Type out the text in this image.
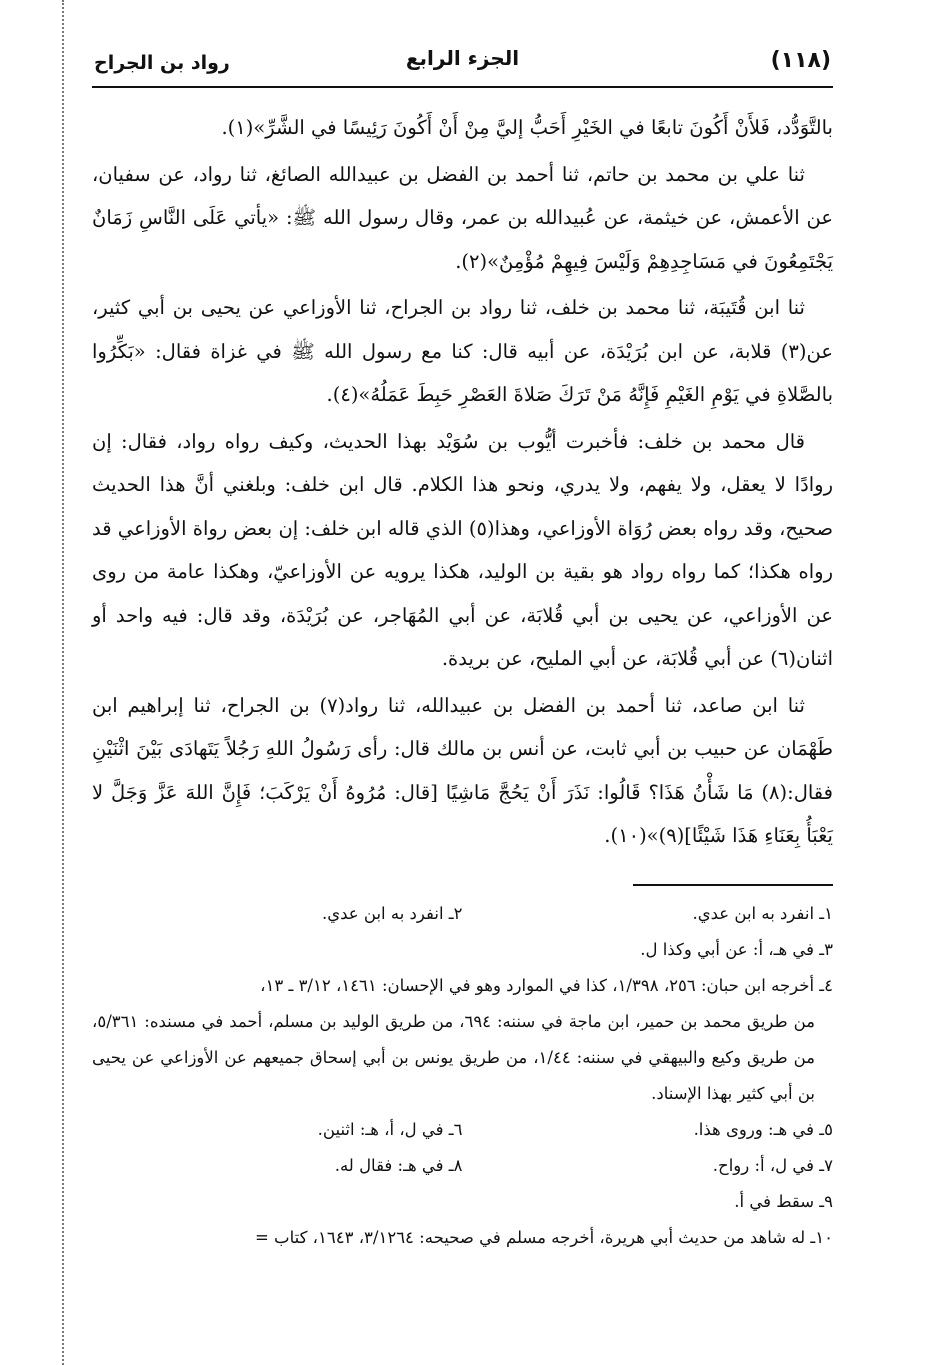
(١١٨)
الجزء الرابع
رواد بن الجراح

بالتَّوَدُّد، فَلأَنْ أَكُونَ تابعًا في الخَيْرِ أَحَبُّ إليَّ مِنْ أَنْ أَكُونَ رَئِيسًا في الشَّرِّ»(١).

ثنا علي بن محمد بن حاتم، ثنا أحمد بن الفضل بن عبيدالله الصائغ، ثنا رواد، عن سفيان، عن الأعمش، عن خيثمة، عن عُبيدالله بن عمر، وقال رسول الله ﷺ: «يأتي عَلَى النَّاسِ زَمَانٌ يَجْتَمِعُونَ في مَسَاجِدِهِمْ وَلَيْسَ فِيهِمْ مُؤْمِنٌ»(٢).

ثنا ابن قُتَيبَة، ثنا محمد بن خلف، ثنا رواد بن الجراح، ثنا الأوزاعي عن يحيى بن أبي كثير، عن(٣) قلابة، عن ابن بُرَيْدَة، عن أبيه قال: كنا مع رسول الله ﷺ في غزاة فقال: «بَكِّرُوا بالصَّلاةِ في يَوْمِ الغَيْمِ فَإِنَّهُ مَنْ تَرَكَ صَلاةَ العَصْرِ حَبِطَ عَمَلُهُ»(٤).

قال محمد بن خلف: فأخبرت أيُّوب بن سُوَيْد بهذا الحديث، وكيف رواه رواد، فقال: إن روادًا لا يعقل، ولا يفهم، ولا يدري، ونحو هذا الكلام. قال ابن خلف: وبلغني أنَّ هذا الحديث صحيح، وقد رواه بعض رُوَاة الأوزاعي، وهذا(٥) الذي قاله ابن خلف: إن بعض رواة الأوزاعي قد رواه هكذا؛ كما رواه رواد هو بقية بن الوليد، هكذا يرويه عن الأوزاعيّ، وهكذا عامة من روى عن الأوزاعي، عن يحيى بن أبي قُلابَة، عن أبي المُهَاجر، عن بُرَيْدَة، وقد قال: فيه واحد أو اثنان(٦) عن أبي قُلابَة، عن أبي المليح، عن بريدة.

ثنا ابن صاعد، ثنا أحمد بن الفضل بن عبيدالله، ثنا رواد(٧) بن الجراح، ثنا إبراهيم ابن طَهْمَان عن حبيب بن أبي ثابت، عن أنس بن مالك قال: رأى رَسُولُ اللهِ رَجُلاً يَتَهادَى بَيْنَ اثْنَيْنِ فقال:(٨) مَا شَأْنُ هَذَا؟ قَالُوا: نَذَرَ أَنْ يَحُجَّ مَاشِيًا [قال: مُرُوهُ أَنْ يَرْكَبَ؛ فَإِنَّ اللهَ عَزَّ وَجَلَّ لا يَعْبَأُ بِعَنَاءِ هَذَا شَيْئًا](٩)»(١٠).

١ـ انفرد به ابن عدي.
٢ـ انفرد به ابن عدي.
٣ـ في هـ، أ: عن أبي وكذا ل.
٤ـ أخرجه ابن حبان: ٢٥٦، ١/٣٩٨، كذا في الموارد وهو في الإحسان: ١٤٦١، ٣/١٢ ـ ١٣،
من طريق محمد بن حمير، ابن ماجة في سننه: ٦٩٤، من طريق الوليد بن مسلم، أحمد في مسنده: ٥/٣٦١، من طريق وكيع والبيهقي في سننه: ١/٤٤، من طريق يونس بن أبي إسحاق جميعهم عن الأوزاعي عن يحيى بن أبي كثير بهذا الإسناد.
٥ـ في هـ: وروى هذا.
٦ـ في ل، أ، هـ: اثنين.
٧ـ في ل، أ: رواح.
٨ـ في هـ: فقال له.
٩ـ سقط في أ.
١٠ـ له شاهد من حديث أبي هريرة، أخرجه مسلم في صحيحه: ٣/١٢٦٤، ١٦٤٣، كتاب =
